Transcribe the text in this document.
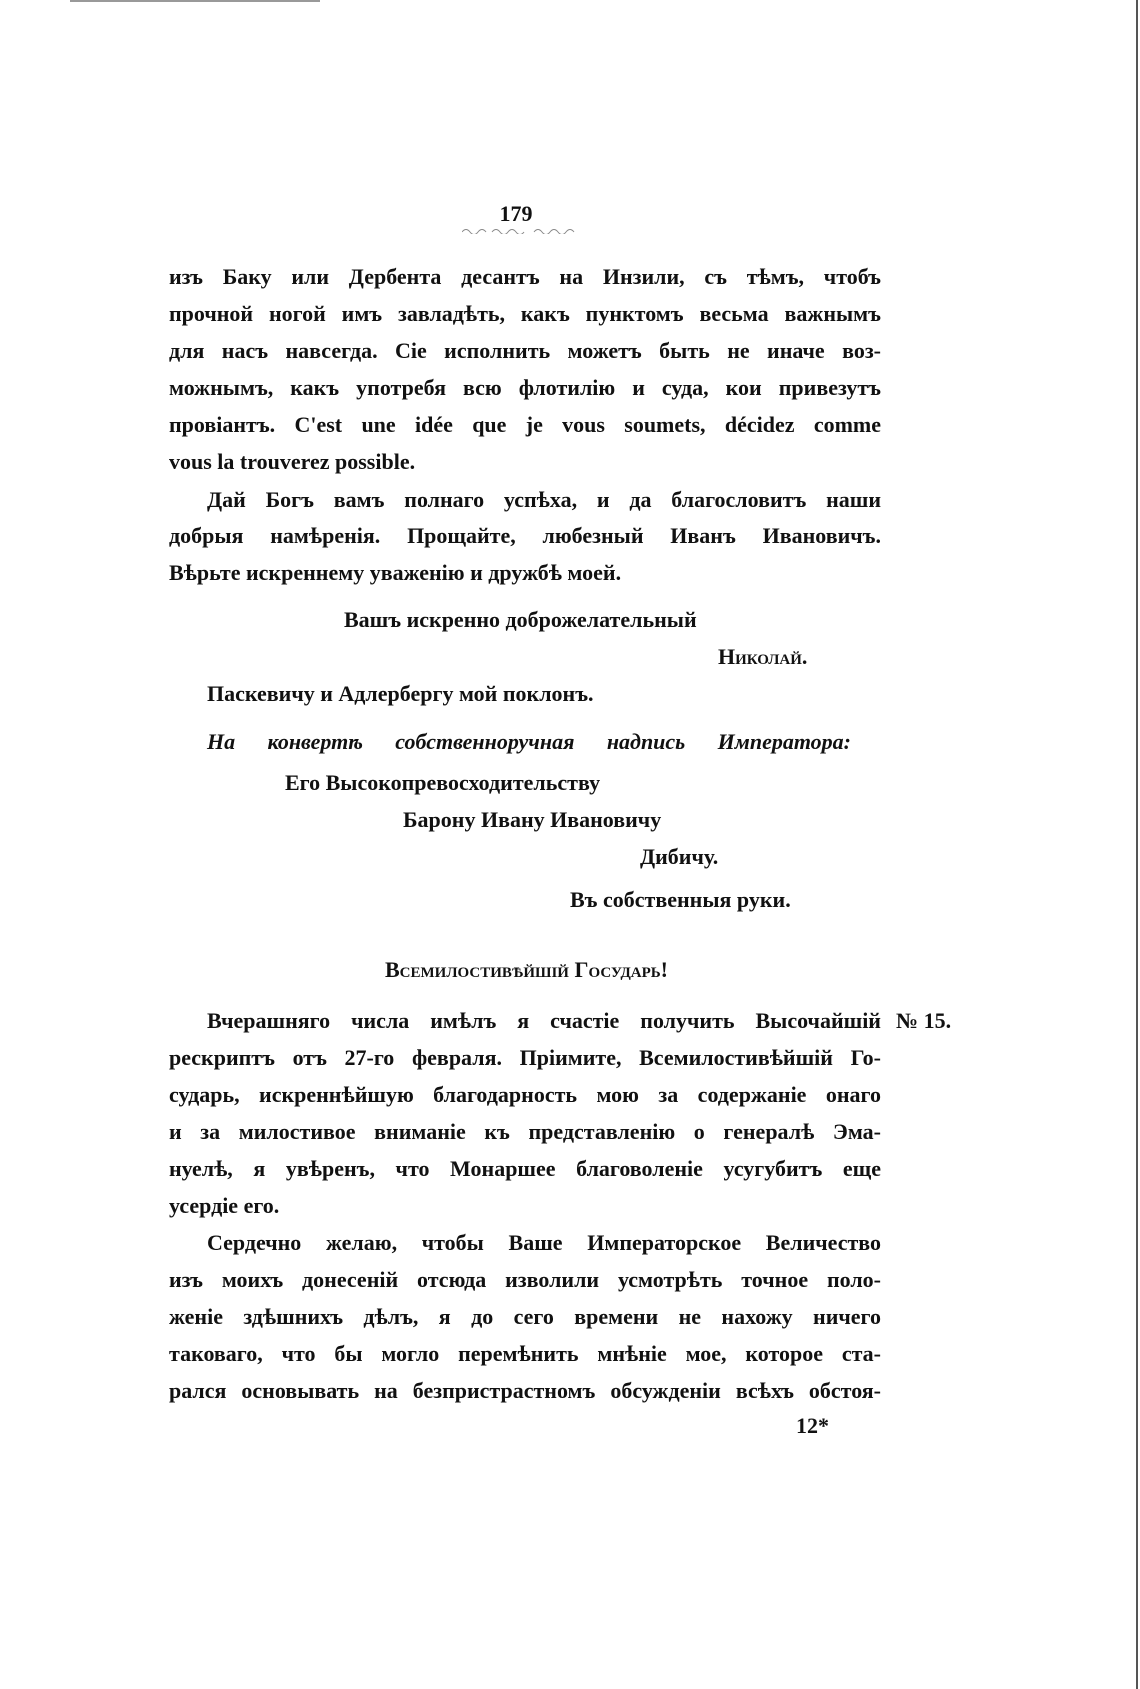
179
изъ Баку или Дербента десантъ на Инзили, съ тѣмъ, чтобъ
прочной ногой имъ завладѣть, какъ пунктомъ весьма важнымъ
для насъ навсегда. Сіе исполнить можетъ быть не иначе воз-
можнымъ, какъ употребя всю флотилію и суда, кои привезутъ
провіантъ. C'est une idée que je vous soumets, décidez comme
vous la trouverez possible.
Дай Богъ вамъ полнаго успѣха, и да благословитъ наши
добрыя намѣренія. Прощайте, любезный Иванъ Ивановичъ.
Вѣрьте искреннему уваженію и дружбѣ моей.
Вашъ искренно доброжелательный
Николай.
Паскевичу и Адлербергу мой поклонъ.
На конвертѣ собственноручная надпись Императора:
Его Высокопревосходительству
Барону Ивану Ивановичу
Дибичу.
Въ собственныя руки.
Всемилостивѣйшій Государь!
№ 15.
Вчерашняго числа имѣлъ я счастіе получить Высочайшій
рескриптъ отъ 27-го февраля. Пріимите, Всемилостивѣйшій Го-
сударь, искреннѣйшую благодарность мою за содержаніе онаго
и за милостивое вниманіе къ представленію о генералѣ Эма-
нуелѣ, я увѣренъ, что Монаршее благоволеніе усугубитъ еще
усердіе его.
Сердечно желаю, чтобы Ваше Императорское Величество
изъ моихъ донесеній отсюда изволили усмотрѣть точное поло-
женіе здѣшнихъ дѣлъ, я до сего времени не нахожу ничего
таковаго, что бы могло перемѣнить мнѣніе мое, которое ста-
рался основывать на безпристрастномъ обсужденіи всѣхъ обстоя-
12*
